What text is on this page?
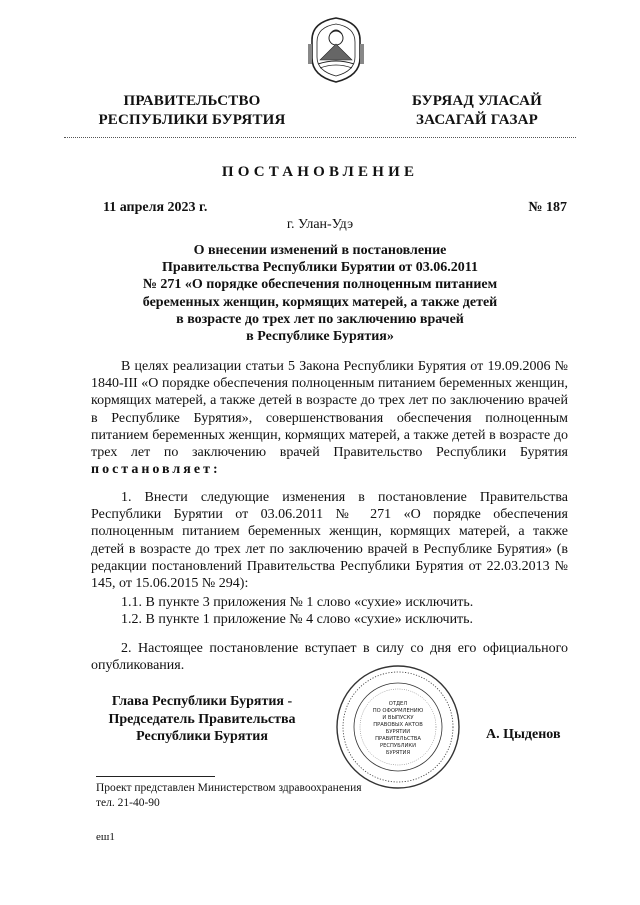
ПРАВИТЕЛЬСТВО
РЕСПУБЛИКИ БУРЯТИЯ
БУРЯАД УЛАСАЙ
ЗАСАГАЙ ГАЗАР
ПОСТАНОВЛЕНИЕ
11 апреля 2023 г.	№ 187
г. Улан-Удэ
О внесении изменений в постановление
Правительства Республики Бурятии от 03.06.2011
№ 271 «О порядке обеспечения полноценным питанием
беременных женщин, кормящих матерей, а также детей
в возрасте до трех лет по заключению врачей
в Республике Бурятия»
В целях реализации статьи 5 Закона Республики Бурятия от 19.09.2006 № 1840-III «О порядке обеспечения полноценным питанием беременных женщин, кормящих матерей, а также детей в возрасте до трех лет по заключению врачей в Республике Бурятия», совершенствования обеспечения полноценным питанием беременных женщин, кормящих матерей, а также детей в возрасте до трех лет по заключению врачей Правительство Республики Бурятия постановляет:
1. Внести следующие изменения в постановление Правительства Республики Бурятии от 03.06.2011 № 271 «О порядке обеспечения полноценным питанием беременных женщин, кормящих матерей, а также детей в возрасте до трех лет по заключению врачей в Республике Бурятия» (в редакции постановлений Правительства Республики Бурятия от 22.03.2013 № 145, от 15.06.2015 № 294):
1.1. В пункте 3 приложения № 1 слово «сухие» исключить.
1.2. В пункте 1 приложение № 4 слово «сухие» исключить.
2. Настоящее постановление вступает в силу со дня его официального опубликования.
Глава Республики Бурятия -
Председатель Правительства
Республики Бурятия
ОТДЕЛ
ПО ОФОРМЛЕНИЮ
И ВЫПУСКУ
ПРАВОВЫХ АКТОВ
БУРЯТИИ
ПРАВИТЕЛЬСТВА
РЕСПУБЛИКИ
БУРЯТИЯ
А. Цыденов
Проект представлен Министерством здравоохранения
тел. 21-40-90
еш1
